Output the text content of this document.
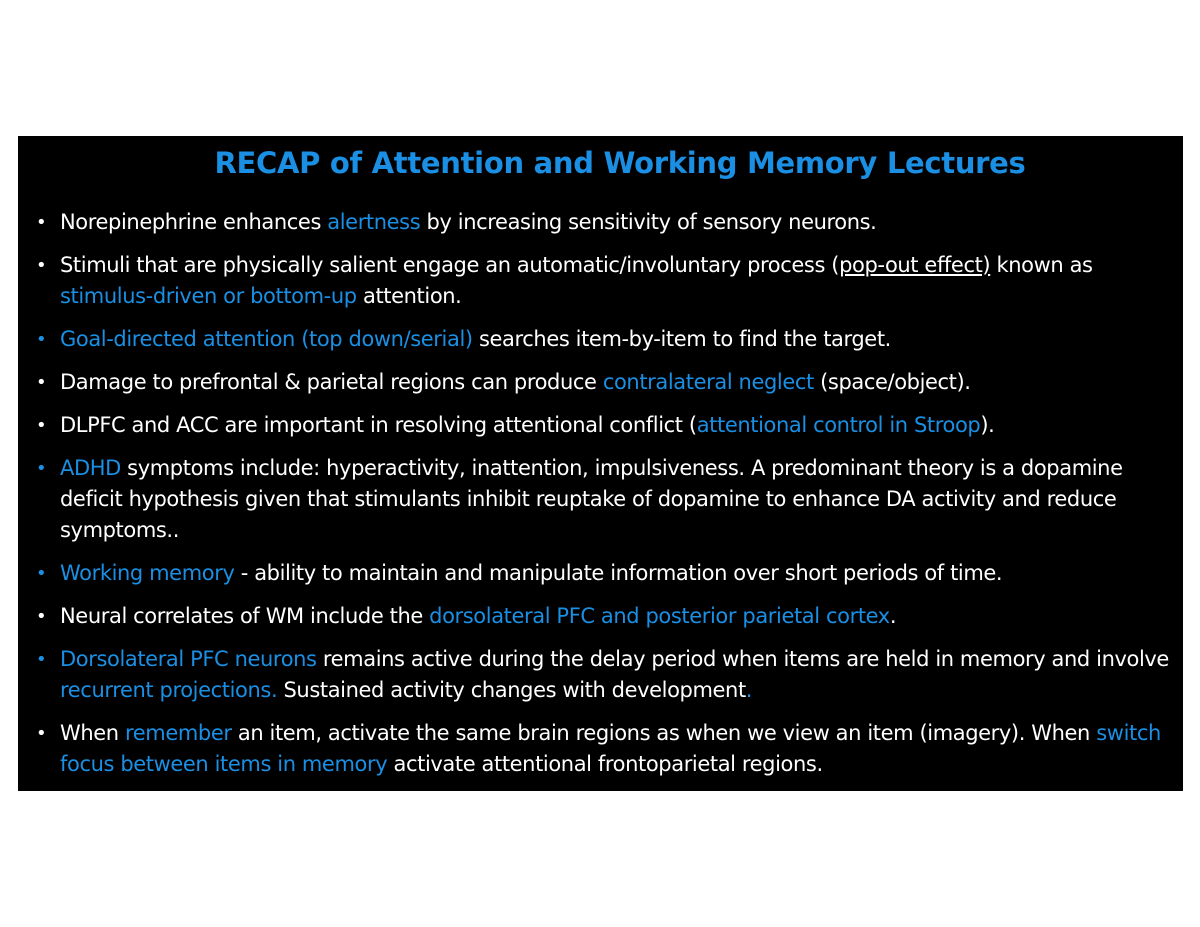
RECAP of Attention and Working Memory Lectures
• Norepinephrine enhances alertness by increasing sensitivity of sensory neurons.
• Stimuli that are physically salient engage an automatic/involuntary process (pop-out effect) known as stimulus-driven or bottom-up attention.
• Goal-directed attention (top down/serial) searches item-by-item to find the target.
• Damage to prefrontal & parietal regions can produce contralateral neglect (space/object).
• DLPFC and ACC are important in resolving attentional conflict (attentional control in Stroop).
• ADHD symptoms include: hyperactivity, inattention, impulsiveness. A predominant theory is a dopamine deficit hypothesis given that stimulants inhibit reuptake of dopamine to enhance DA activity and reduce symptoms..
• Working memory - ability to maintain and manipulate information over short periods of time.
• Neural correlates of WM include the dorsolateral PFC and posterior parietal cortex.
• Dorsolateral PFC neurons remains active during the delay period when items are held in memory and involve recurrent projections. Sustained activity changes with development.
• When remember an item, activate the same brain regions as when we view an item (imagery). When switch focus between items in memory activate attentional frontoparietal regions.
